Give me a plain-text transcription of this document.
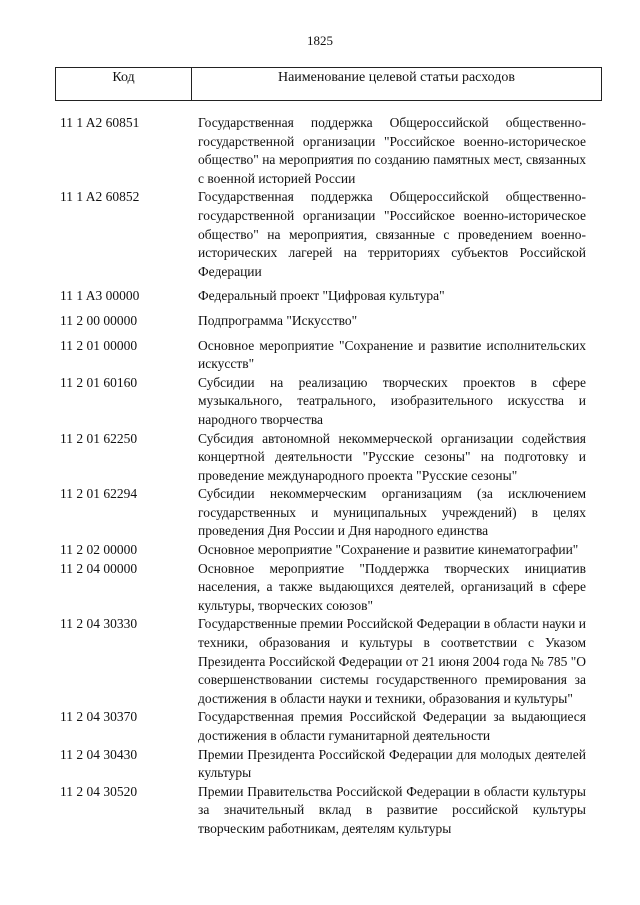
1825
Код	Наименование целевой статьи расходов
11 1 A2 60851	Государственная поддержка Общероссийской общественно-государственной организации "Российское военно-историческое общество" на мероприятия по созданию памятных мест, связанных с военной историей России
11 1 A2 60852	Государственная поддержка Общероссийской общественно-государственной организации "Российское военно-историческое общество" на мероприятия, связанные с проведением военно-исторических лагерей на территориях субъектов Российской Федерации
11 1 A3 00000	Федеральный проект "Цифровая культура"
11 2 00 00000	Подпрограмма "Искусство"
11 2 01 00000	Основное мероприятие "Сохранение и развитие исполнительских искусств"
11 2 01 60160	Субсидии на реализацию творческих проектов в сфере музыкального, театрального, изобразительного искусства и народного творчества
11 2 01 62250	Субсидия автономной некоммерческой организации содействия концертной деятельности "Русские сезоны" на подготовку и проведение международного проекта "Русские сезоны"
11 2 01 62294	Субсидии некоммерческим организациям (за исключением государственных и муниципальных учреждений) в целях проведения Дня России и Дня народного единства
11 2 02 00000	Основное мероприятие "Сохранение и развитие кинематографии"
11 2 04 00000	Основное мероприятие "Поддержка творческих инициатив населения, а также выдающихся деятелей, организаций в сфере культуры, творческих союзов"
11 2 04 30330	Государственные премии Российской Федерации в области науки и техники, образования и культуры в соответствии с Указом Президента Российской Федерации от 21 июня 2004 года № 785 "О совершенствовании системы государственного премирования за достижения в области науки и техники, образования и культуры"
11 2 04 30370	Государственная премия Российской Федерации за выдающиеся достижения в области гуманитарной деятельности
11 2 04 30430	Премии Президента Российской Федерации для молодых деятелей культуры
11 2 04 30520	Премии Правительства Российской Федерации в области культуры за значительный вклад в развитие российской культуры творческим работникам, деятелям культуры
